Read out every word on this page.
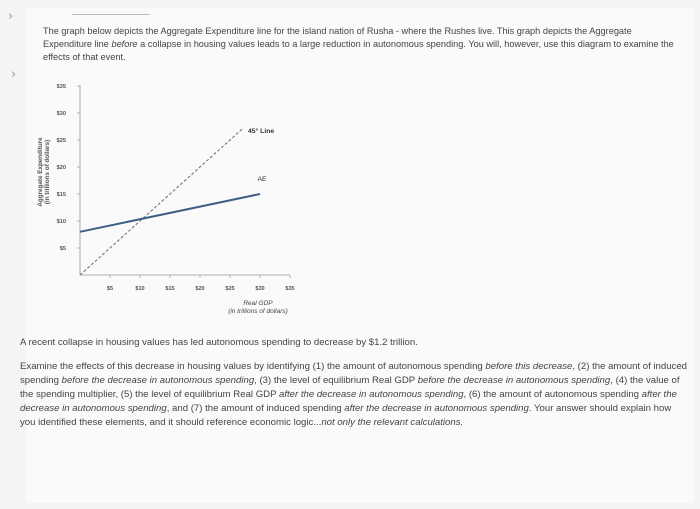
›
›

The graph below depicts the Aggregate Expenditure line for the island nation of Rusha - where the Rushes live. This graph depicts the Aggregate Expenditure line before a collapse in housing values leads to a large reduction in autonomous spending. You will, however, use this diagram to examine the effects of that event.

$5
$10
$15
$20
$25
$30
$35
$5	$10	$15	$20	$25	$30	$35
Aggregate Expenditure (in trillions of dollars)
Real GDP
(in trillions of dollars)
45° Line
AE

A recent collapse in housing values has led autonomous spending to decrease by $1.2 trillion.

Examine the effects of this decrease in housing values by identifying (1) the amount of autonomous spending before this decrease, (2) the amount of induced spending before the decrease in autonomous spending, (3) the level of equilibrium Real GDP before the decrease in autonomous spending, (4) the value of the spending multiplier, (5) the level of equilibrium Real GDP after the decrease in autonomous spending, (6) the amount of autonomous spending after the decrease in autonomous spending, and (7) the amount of induced spending after the decrease in autonomous spending. Your answer should explain how you identified these elements, and it should reference economic logic...not only the relevant calculations.
